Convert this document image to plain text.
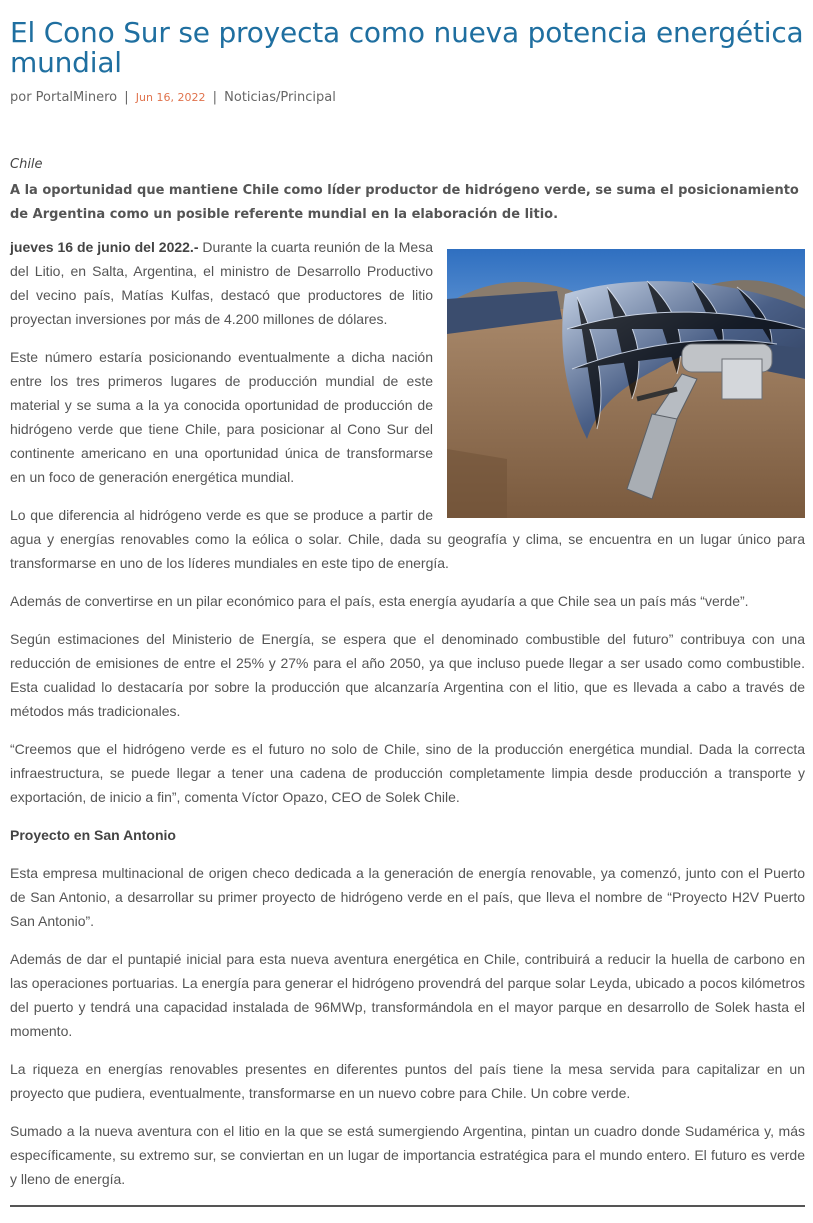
El Cono Sur se proyecta como nueva potencia energética mundial
por PortalMinero | Jun 16, 2022 | Noticias/Principal
Chile
A la oportunidad que mantiene Chile como líder productor de hidrógeno verde, se suma el posicionamiento de Argentina como un posible referente mundial en la elaboración de litio.

jueves 16 de junio del 2022.- Durante la cuarta reunión de la Mesa del Litio, en Salta, Argentina, el ministro de Desarrollo Productivo del vecino país, Matías Kulfas, destacó que productores de litio proyectan inversiones por más de 4.200 millones de dólares.

Este número estaría posicionando eventualmente a dicha nación entre los tres primeros lugares de producción mundial de este material y se suma a la ya conocida oportunidad de producción de hidrógeno verde que tiene Chile, para posicionar al Cono Sur del continente americano en una oportunidad única de transformarse en un foco de generación energética mundial.

Lo que diferencia al hidrógeno verde es que se produce a partir de agua y energías renovables como la eólica o solar. Chile, dada su geografía y clima, se encuentra en un lugar único para transformarse en uno de los líderes mundiales en este tipo de energía.

Además de convertirse en un pilar económico para el país, esta energía ayudaría a que Chile sea un país más “verde”.

Según estimaciones del Ministerio de Energía, se espera que el denominado combustible del futuro” contribuya con una reducción de emisiones de entre el 25% y 27% para el año 2050, ya que incluso puede llegar a ser usado como combustible. Esta cualidad lo destacaría por sobre la producción que alcanzaría Argentina con el litio, que es llevada a cabo a través de métodos más tradicionales.

“Creemos que el hidrógeno verde es el futuro no solo de Chile, sino de la producción energética mundial. Dada la correcta infraestructura, se puede llegar a tener una cadena de producción completamente limpia desde producción a transporte y exportación, de inicio a fin”, comenta Víctor Opazo, CEO de Solek Chile.

Proyecto en San Antonio

Esta empresa multinacional de origen checo dedicada a la generación de energía renovable, ya comenzó, junto con el Puerto de San Antonio, a desarrollar su primer proyecto de hidrógeno verde en el país, que lleva el nombre de “Proyecto H2V Puerto San Antonio”.

Además de dar el puntapié inicial para esta nueva aventura energética en Chile, contribuirá a reducir la huella de carbono en las operaciones portuarias. La energía para generar el hidrógeno provendrá del parque solar Leyda, ubicado a pocos kilómetros del puerto y tendrá una capacidad instalada de 96MWp, transformándola en el mayor parque en desarrollo de Solek hasta el momento.

La riqueza en energías renovables presentes en diferentes puntos del país tiene la mesa servida para capitalizar en un proyecto que pudiera, eventualmente, transformarse en un nuevo cobre para Chile. Un cobre verde.

Sumado a la nueva aventura con el litio en la que se está sumergiendo Argentina, pintan un cuadro donde Sudamérica y, más específicamente, su extremo sur, se conviertan en un lugar de importancia estratégica para el mundo entero. El futuro es verde y lleno de energía.
